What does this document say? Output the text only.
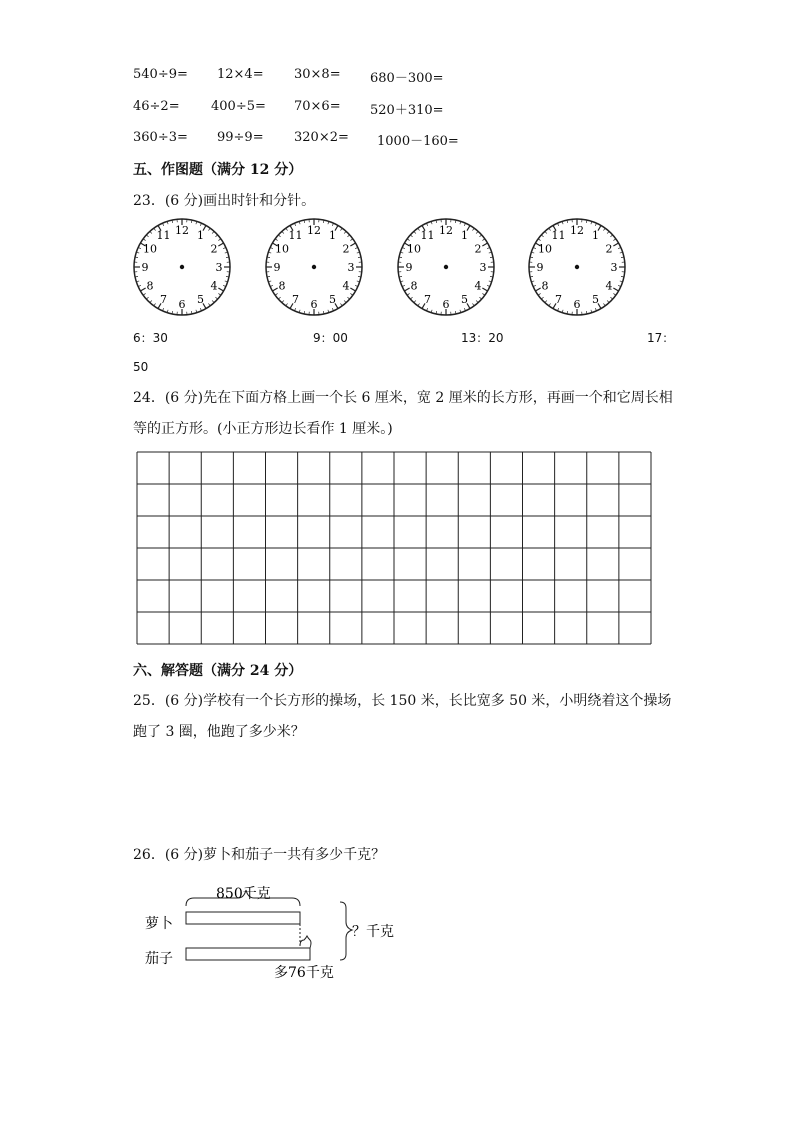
540÷9= 12×4= 30×8= 680－300=
46÷2= 400÷5= 70×6= 520＋310=
360÷3= 99÷9= 320×2= 1000－160=
五、作图题（满分 12 分）
23．(6 分)画出时针和分针。
12 1
2
3
4
5
6
7
8
9
10
11	12 1
2
3
4
5
6
7
8
9
10
11	12 1
2
3
4
5
6
7
8
9
10
11	12 1
2
3
4
5
6
7
8
9
10
11
6：30	9：00	13：20	17：
50
24．(6 分)先在下面方格上画一个长 6 厘米，宽 2 厘米的长方形，再画一个和它周长相
等的正方形。(小正方形边长看作 1 厘米。)
六、解答题（满分 24 分）
25．(6 分)学校有一个长方形的操场，长 150 米，长比宽多 50 米，小明绕着这个操场
跑了 3 圈，他跑了多少米？
26．(6 分)萝卜和茄子一共有多少千克？
850千克
萝卜
茄子
？千克
多76千克
